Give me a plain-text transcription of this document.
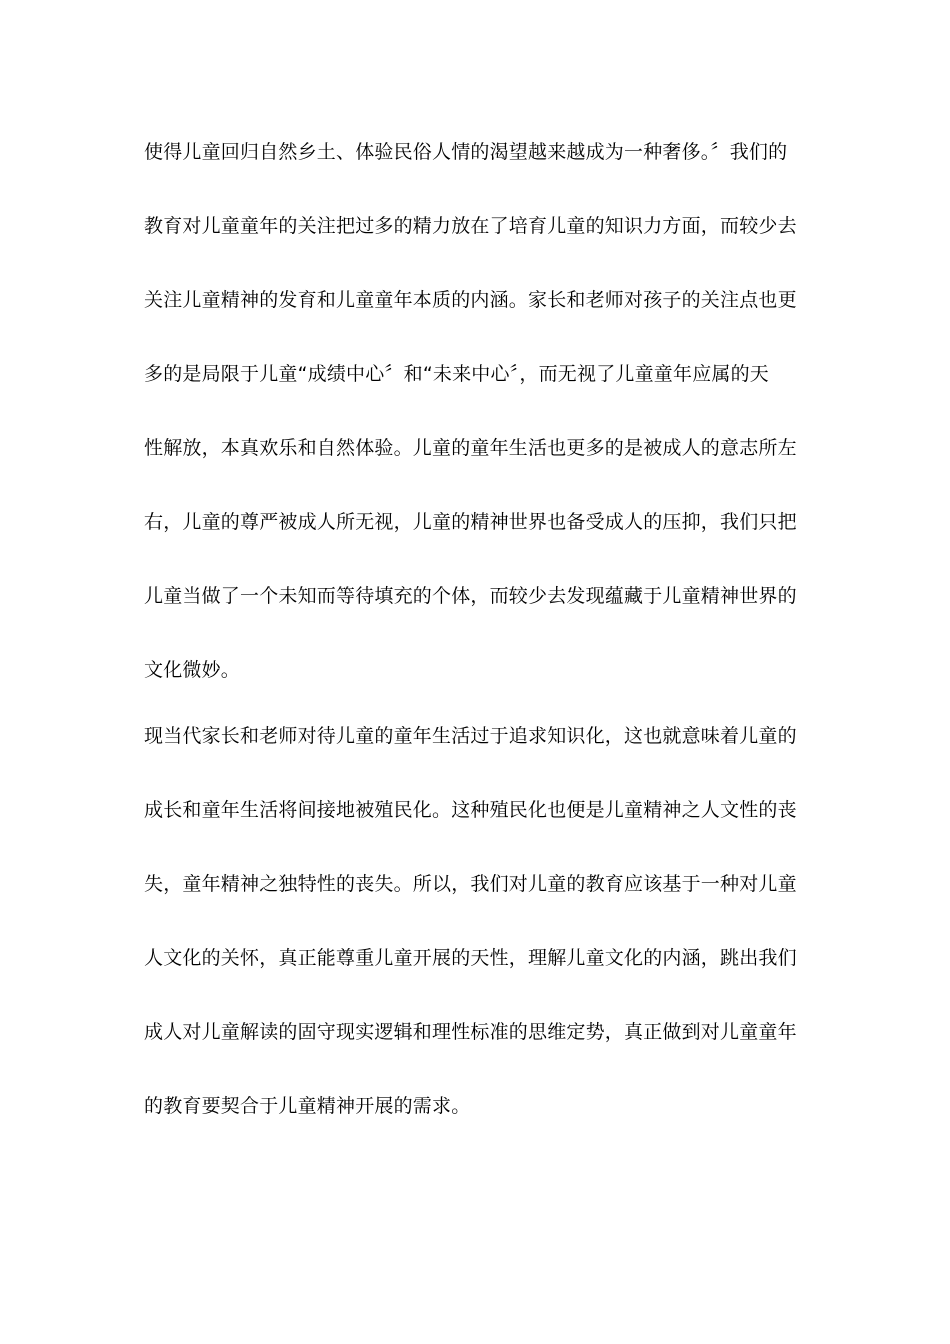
使得儿童回归自然乡土、体验民俗人情的渴望越来越成为一种奢侈。〞我们的
教育对儿童童年的关注把过多的精力放在了培育儿童的知识力方面，而较少去
关注儿童精神的发育和儿童童年本质的内涵。家长和老师对孩子的关注点也更
多的是局限于儿童“成绩中心〞和“未来中心〞，而无视了儿童童年应属的天
性解放，本真欢乐和自然体验。儿童的童年生活也更多的是被成人的意志所左
右，儿童的尊严被成人所无视，儿童的精神世界也备受成人的压抑，我们只把
儿童当做了一个未知而等待填充的个体，而较少去发现蕴藏于儿童精神世界的
文化微妙。
现当代家长和老师对待儿童的童年生活过于追求知识化，这也就意味着儿童的
成长和童年生活将间接地被殖民化。这种殖民化也便是儿童精神之人文性的丧
失，童年精神之独特性的丧失。所以，我们对儿童的教育应该基于一种对儿童
人文化的关怀，真正能尊重儿童开展的天性，理解儿童文化的内涵，跳出我们
成人对儿童解读的固守现实逻辑和理性标准的思维定势，真正做到对儿童童年
的教育要契合于儿童精神开展的需求。
